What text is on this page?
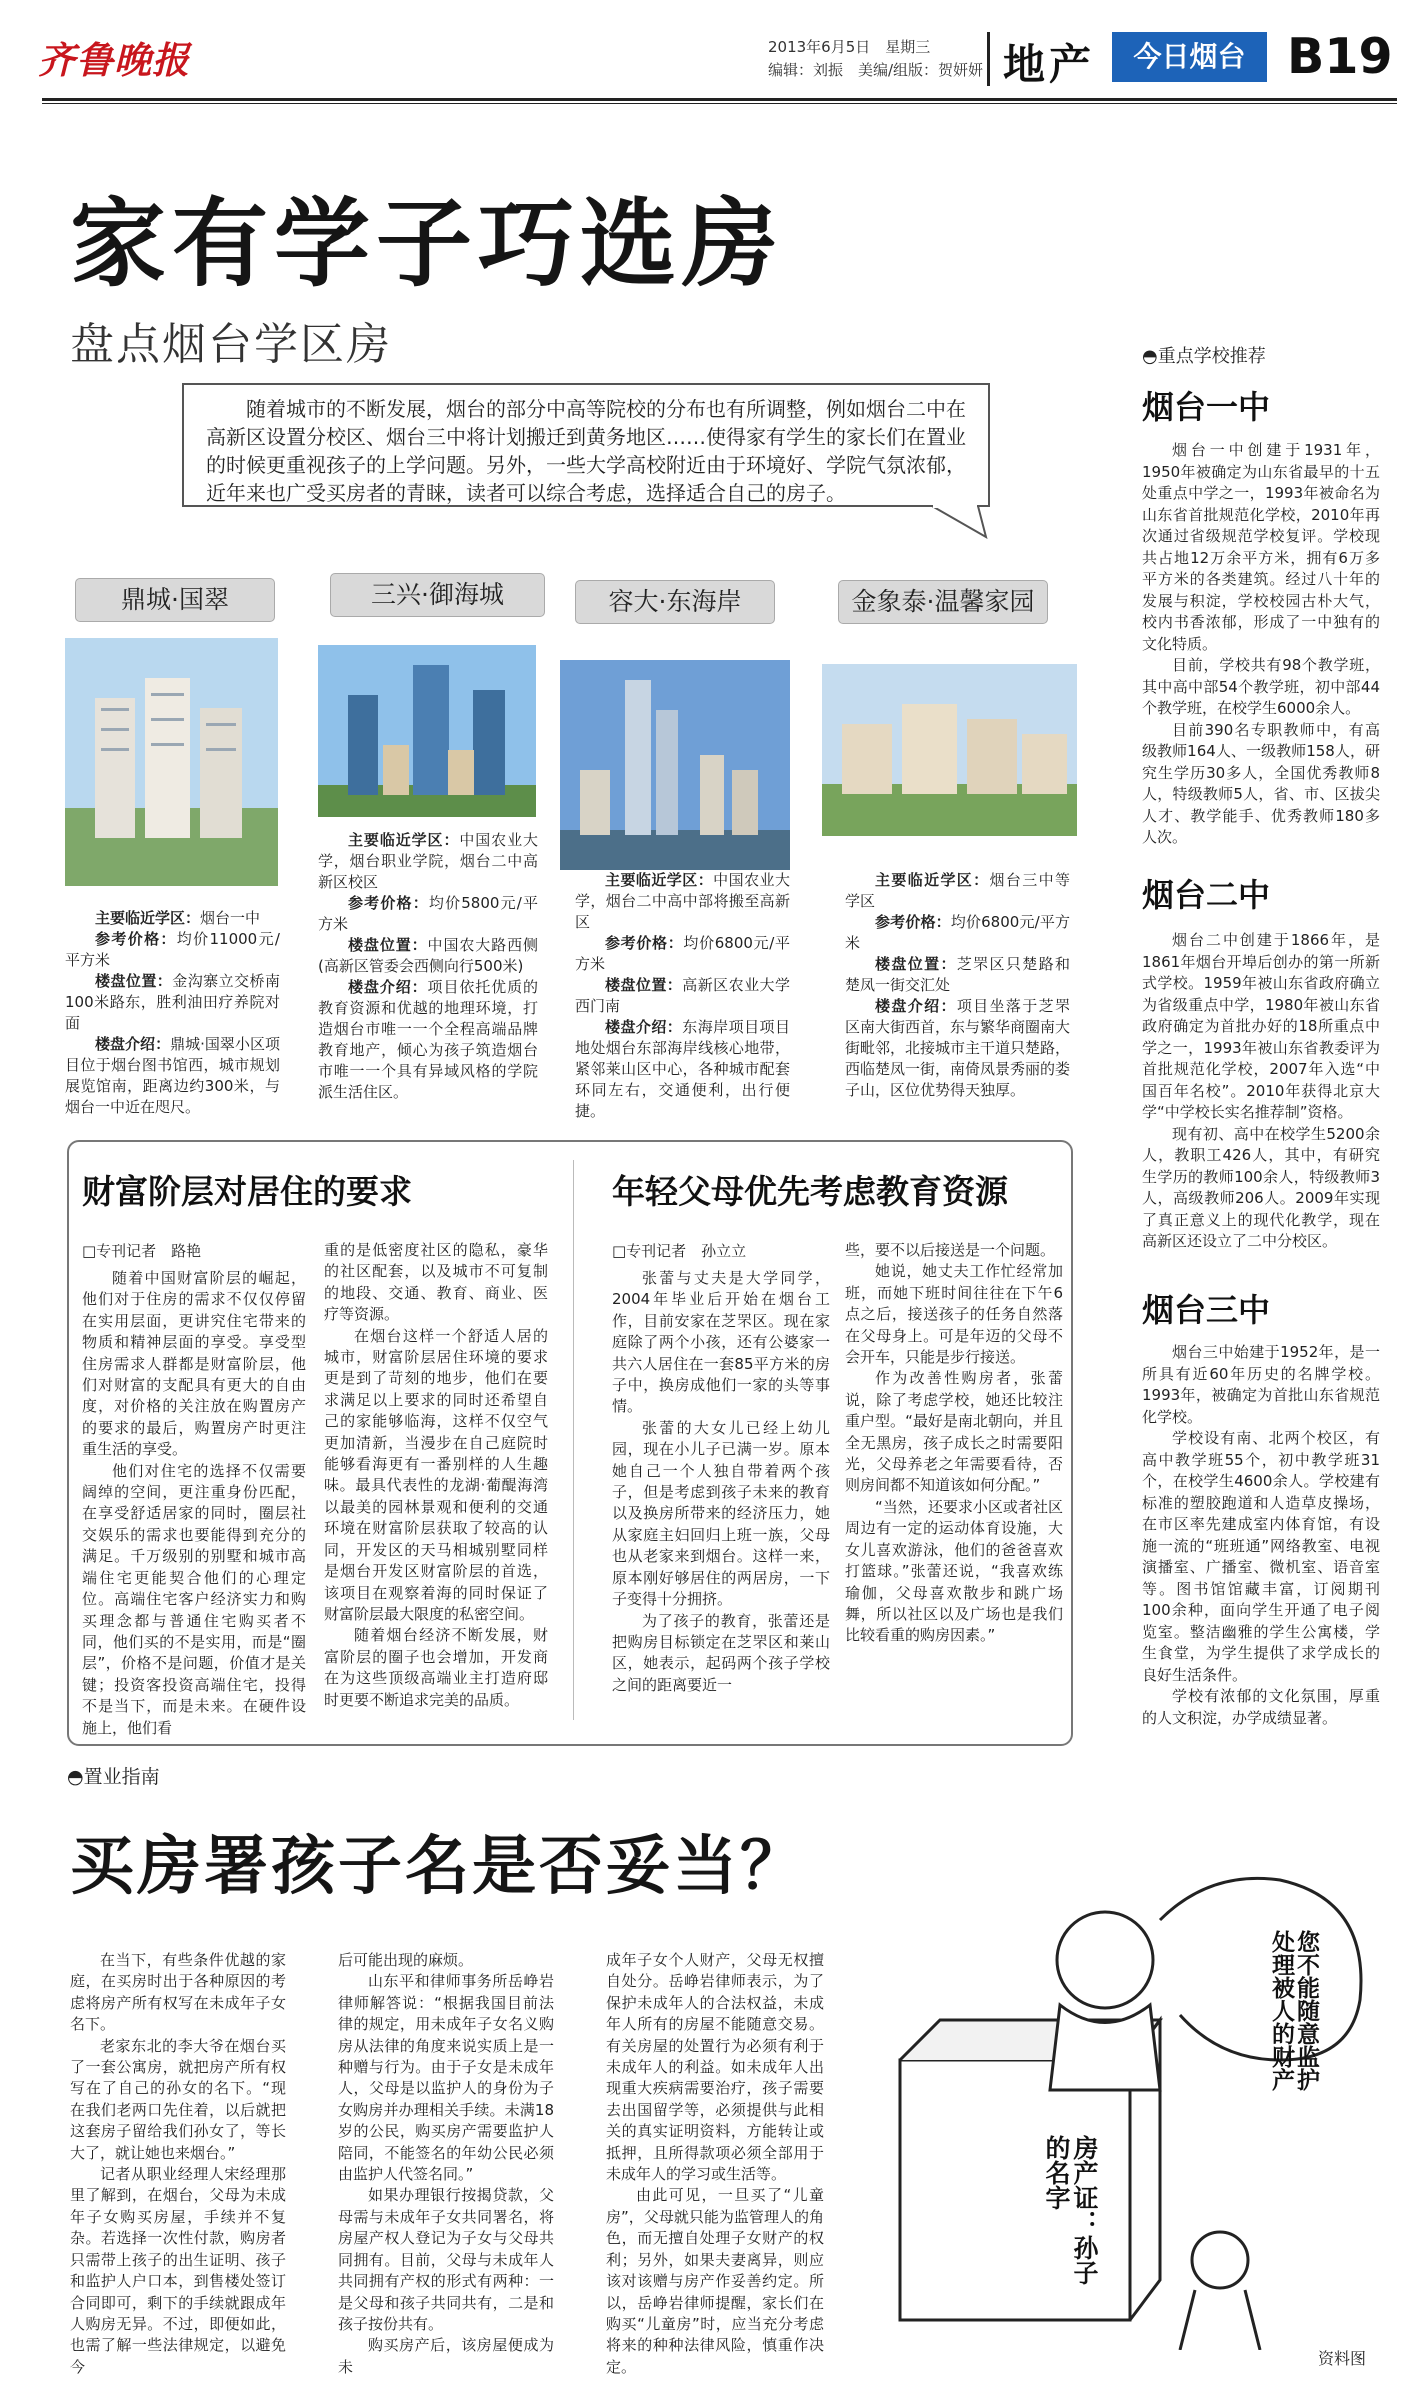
齐鲁晚报	2013年6月5日　星期三
编辑：刘振　美编/组版：贺妍妍 地产	今日烟台 B19
家有学子巧选房
盘点烟台学区房
随着城市的不断发展，烟台的部分中高等院校的分布也有所调整，例如烟台二中在高新区设置分校区、烟台三中将计划搬迁到黄务地区……使得家有学生的家长们在置业的时候更重视孩子的上学问题。另外，一些大学高校附近由于环境好、学院气氛浓郁，近年来也广受买房者的青睐，读者可以综合考虑，选择适合自己的房子。
鼎城·国翠

主要临近学区：烟台一中

参考价格：均价11000元/平方米

楼盘位置：金沟寨立交桥南100米路东，胜利油田疗养院对面

楼盘介绍：鼎城·国翠小区项目位于烟台图书馆西，城市规划展览馆南，距离边约300米，与烟台一中近在咫尺。

三兴·御海城

主要临近学区：中国农业大学，烟台职业学院，烟台二中高新区校区

参考价格：均价5800元/平方米

楼盘位置：中国农大路西侧(高新区管委会西侧向行500米)

楼盘介绍：项目依托优质的教育资源和优越的地理环境，打造烟台市唯一一个全程高端品牌教育地产，倾心为孩子筑造烟台市唯一一个具有异域风格的学院派生活住区。

容大·东海岸

主要临近学区：中国农业大学，烟台二中高中部将搬至高新区

参考价格：均价6800元/平方米

楼盘位置：高新区农业大学西门南

楼盘介绍：东海岸项目项目地处烟台东部海岸线核心地带，紧邻莱山区中心，各种城市配套环同左右，交通便利，出行便捷。

金象泰·温馨家园

主要临近学区：烟台三中等学区

参考价格：均价6800元/平方米

楼盘位置：芝罘区只楚路和楚凤一街交汇处

楼盘介绍：项目坐落于芝罘区南大街西首，东与繁华商圈南大街毗邻，北接城市主干道只楚路，西临楚凤一街，南倚凤景秀丽的娄子山，区位优势得天独厚。

◓重点学校推荐
烟台一中

烟台一中创建于1931年，1950年被确定为山东省最早的十五处重点中学之一，1993年被命名为山东省首批规范化学校，2010年再次通过省级规范学校复评。学校现共占地12万余平方米，拥有6万多平方米的各类建筑。经过八十年的发展与积淀，学校校园古朴大气，校内书香浓郁，形成了一中独有的文化特质。

目前，学校共有98个教学班，其中高中部54个教学班，初中部44个教学班，在校学生6000余人。

目前390名专职教师中，有高级教师164人、一级教师158人，研究生学历30多人，全国优秀教师8人，特级教师5人，省、市、区拔尖人才、教学能手、优秀教师180多人次。

烟台二中

烟台二中创建于1866年，是1861年烟台开埠后创办的第一所新式学校。1959年被山东省政府确立为省级重点中学，1980年被山东省政府确定为首批办好的18所重点中学之一，1993年被山东省教委评为首批规范化学校，2007年入选“中国百年名校”。2010年获得北京大学“中学校长实名推荐制”资格。

现有初、高中在校学生5200余人，教职工426人，其中，有研究生学历的教师100余人，特级教师3人，高级教师206人。2009年实现了真正意义上的现代化教学，现在高新区还设立了二中分校区。

烟台三中

烟台三中始建于1952年，是一所具有近60年历史的名牌学校。1993年，被确定为首批山东省规范化学校。

学校设有南、北两个校区，有高中教学班55个，初中教学班31个，在校学生4600余人。学校建有标准的塑胶跑道和人造草皮操场，在市区率先建成室内体育馆，有设施一流的“班班通”网络教室、电视演播室、广播室、微机室、语音室等。图书馆馆藏丰富，订阅期刊100余种，面向学生开通了电子阅览室。整洁幽雅的学生公寓楼，学生食堂，为学生提供了求学成长的良好生活条件。

学校有浓郁的文化氛围，厚重的人文积淀，办学成绩显著。

财富阶层对居住的要求
□专刊记者　路艳

随着中国财富阶层的崛起，他们对于住房的需求不仅仅停留在实用层面，更讲究住宅带来的物质和精神层面的享受。享受型住房需求人群都是财富阶层，他们对财富的支配具有更大的自由度，对价格的关注放在购置房产的要求的最后，购置房产时更注重生活的享受。

他们对住宅的选择不仅需要阔绰的空间，更注重身份匹配，在享受舒适居家的同时，圈层社交娱乐的需求也要能得到充分的满足。千万级别的别墅和城市高端住宅更能契合他们的心理定位。高端住宅客户经济实力和购买理念都与普通住宅购买者不同，他们买的不是实用，而是“圈层”，价格不是问题，价值才是关键；投资客投资高端住宅，投得不是当下，而是未来。在硬件设施上，他们看

重的是低密度社区的隐私，豪华的社区配套，以及城市不可复制的地段、交通、教育、商业、医疗等资源。

在烟台这样一个舒适人居的城市，财富阶层居住环境的要求更是到了苛刻的地步，他们在要求满足以上要求的同时还希望自己的家能够临海，这样不仅空气更加清新，当漫步在自己庭院时能够看海更有一番别样的人生趣味。最具代表性的龙湖·葡醍海湾以最美的园林景观和便利的交通环境在财富阶层获取了较高的认同，开发区的天马相城别墅同样是烟台开发区财富阶层的首选，该项目在观察着海的同时保证了财富阶层最大限度的私密空间。

随着烟台经济不断发展，财富阶层的圈子也会增加，开发商在为这些顶级高端业主打造府邸时更要不断追求完美的品质。

年轻父母优先考虑教育资源
□专刊记者　孙立立

张蕾与丈夫是大学同学，2004年毕业后开始在烟台工作，目前安家在芝罘区。现在家庭除了两个小孩，还有公婆家一共六人居住在一套85平方米的房子中，换房成他们一家的头等事情。

张蕾的大女儿已经上幼儿园，现在小儿子已满一岁。原本她自己一个人独自带着两个孩子，但是考虑到孩子未来的教育以及换房所带来的经济压力，她从家庭主妇回归上班一族，父母也从老家来到烟台。这样一来，原本刚好够居住的两居房，一下子变得十分拥挤。

为了孩子的教育，张蕾还是把购房目标锁定在芝罘区和莱山区，她表示，起码两个孩子学校之间的距离要近一

些，要不以后接送是一个问题。

她说，她丈夫工作忙经常加班，而她下班时间往往在下午6点之后，接送孩子的任务自然落在父母身上。可是年迈的父母不会开车，只能是步行接送。

作为改善性购房者，张蕾说，除了考虑学校，她还比较注重户型。“最好是南北朝向，并且全无黑房，孩子成长之时需要阳光，父母养老之年需要看待，否则房间都不知道该如何分配。”

“当然，还要求小区或者社区周边有一定的运动体育设施，大女儿喜欢游泳，他们的爸爸喜欢打篮球。”张蕾还说，“我喜欢练瑜伽，父母喜欢散步和跳广场舞，所以社区以及广场也是我们比较看重的购房因素。”

◓置业指南
买房署孩子名是否妥当？

在当下，有些条件优越的家庭，在买房时出于各种原因的考虑将房产所有权写在未成年子女名下。

老家东北的李大爷在烟台买了一套公寓房，就把房产所有权写在了自己的孙女的名下。“现在我们老两口先住着，以后就把这套房子留给我们孙女了，等长大了，就让她也来烟台。”

记者从职业经理人宋经理那里了解到，在烟台，父母为未成年子女购买房屋，手续并不复杂。若选择一次性付款，购房者只需带上孩子的出生证明、孩子和监护人户口本，到售楼处签订合同即可，剩下的手续就跟成年人购房无异。不过，即便如此，也需了解一些法律规定，以避免今

后可能出现的麻烦。

山东平和律师事务所岳峥岩律师解答说：“根据我国目前法律的规定，用未成年子女名义购房从法律的角度来说实质上是一种赠与行为。由于子女是未成年人，父母是以监护人的身份为子女购房并办理相关手续。未满18岁的公民，购买房产需要监护人陪同，不能签名的年幼公民必须由监护人代签名同。”

如果办理银行按揭贷款，父母需与未成年子女共同署名，将房屋产权人登记为子女与父母共同拥有。目前，父母与未成年人共同拥有产权的形式有两种：一是父母和孩子共同共有，二是和孩子按份共有。

购买房产后，该房屋便成为未

成年子女个人财产，父母无权擅自处分。岳峥岩律师表示，为了保护未成年人的合法权益，未成年人所有的房屋不能随意交易。有关房屋的处置行为必须有利于未成年人的利益。如未成年人出现重大疾病需要治疗，孩子需要去出国留学等，必须提供与此相关的真实证明资料，方能转让或抵押，且所得款项必须全部用于未成年人的学习或生活等。

由此可见，一旦买了“儿童房”，父母就只能为监管理人的角色，而无擅自处理子女财产的权利；另外，如果夫妻离异，则应该对该赠与房产作妥善约定。所以，岳峥岩律师提醒，家长们在购买“儿童房”时，应当充分考虑将来的种种法律风险，慎重作决定。

您不能随意监护处理被人的财产
房产证：孙子的名字
资料图
